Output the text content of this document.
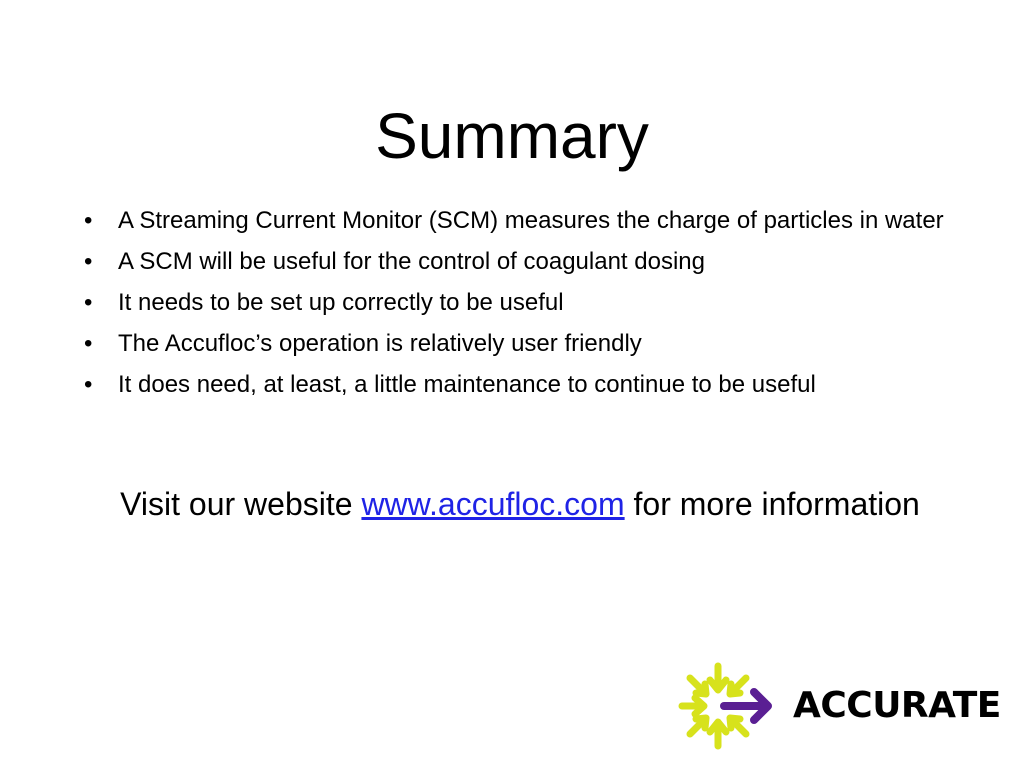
Summary
• A Streaming Current Monitor (SCM) measures the charge of particles in water
• A SCM will be useful for the control of coagulant dosing
• It needs to be set up correctly to be useful
• The Accufloc’s operation is relatively user friendly
• It does need, at least, a little maintenance to continue to be useful
Visit our website www.accufloc.com for more information
ACCURATE
